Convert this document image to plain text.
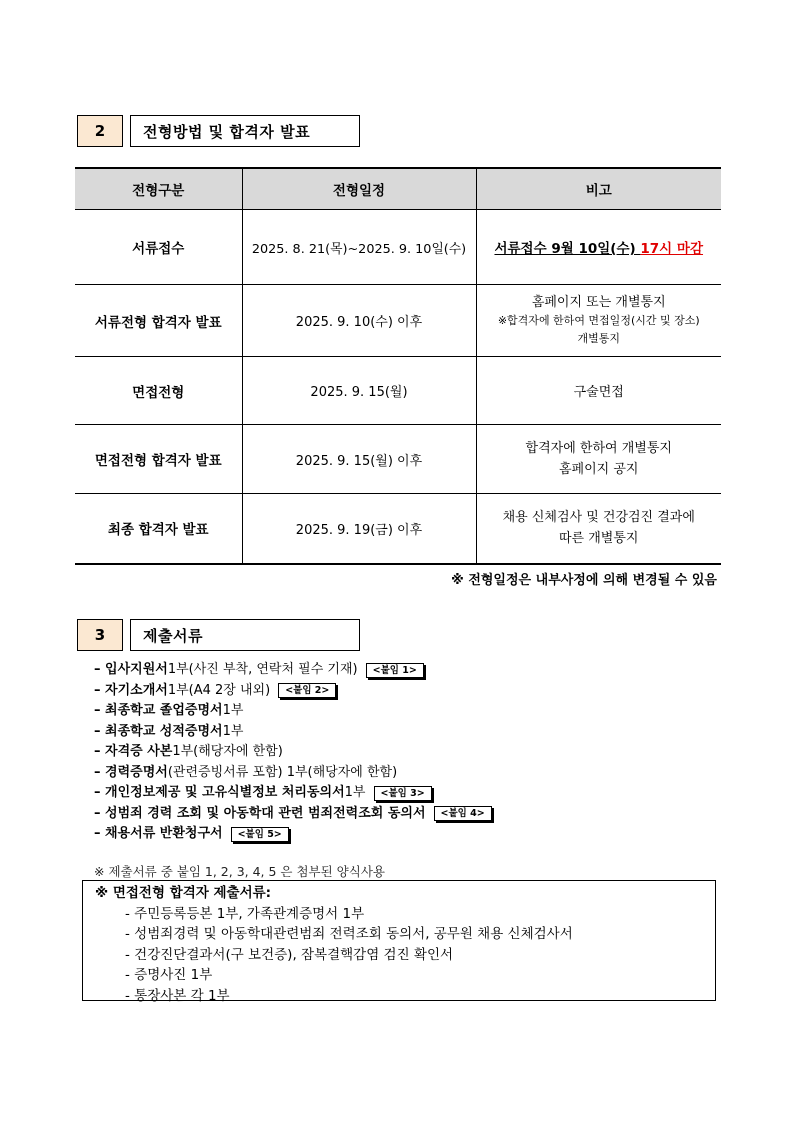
2	전형방법 및 합격자 발표
전형구분	전형일정	비고
서류접수	2025. 8. 21(목)~2025. 9. 10일(수)	서류접수 9월 10일(수) 17시 마감
서류전형 합격자 발표	2025. 9. 10(수) 이후	홈페이지 또는 개별통지
※합격자에 한하여 면접일정(시간 및 장소)
개별통지

면접전형	2025. 9. 15(월)	구술면접
면접전형 합격자 발표	2025. 9. 15(월) 이후	합격자에 한하여 개별통지
홈페이지 공지

최종 합격자 발표	2025. 9. 19(금) 이후	채용 신체검사 및 건강검진 결과에
따른 개별통지
※ 전형일정은 내부사정에 의해 변경될 수 있음
3	제출서류
– 입사지원서 1부(사진 부착, 연락처 필수 기재)	<붙임 1>
– 자기소개서 1부(A4 2장 내외)	<붙임 2>
– 최종학교 졸업증명서 1부
– 최종학교 성적증명서 1부
– 자격증 사본 1부(해당자에 한함)
– 경력증명서 (관련증빙서류 포함) 1부(해당자에 한함)
– 개인정보제공 및 고유식별정보 처리동의서 1부	<붙임 3>
– 성범죄 경력 조회 및 아동학대 관련 범죄전력조회 동의서	<붙임 4>
– 채용서류 반환청구서	<붙임 5>
※ 제출서류 중 붙임 1, 2, 3, 4, 5 은 첨부된 양식사용
※ 면접전형 합격자 제출서류:
- 주민등록등본 1부, 가족관계증명서 1부
- 성범죄경력 및 아동학대관련범죄 전력조회 동의서, 공무원 채용 신체검사서
- 건강진단결과서(구 보건증), 잠복결핵감염 검진 확인서
- 증명사진 1부
- 통장사본 각 1부
